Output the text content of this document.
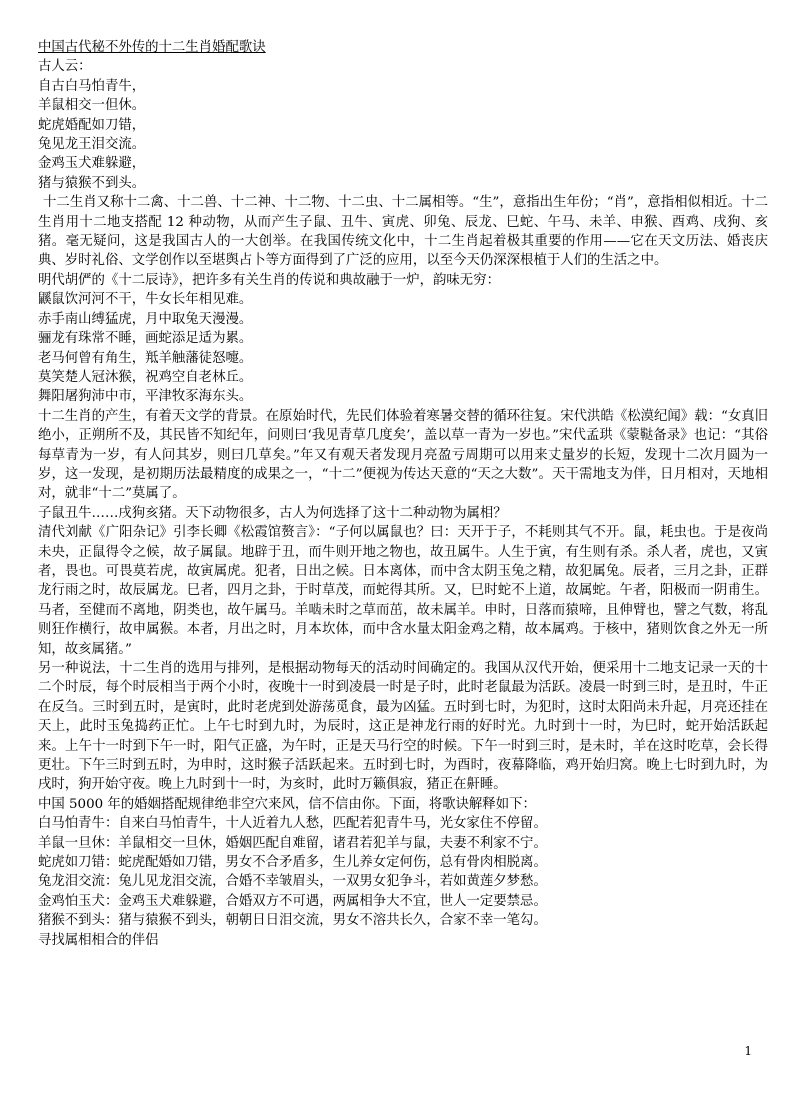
中国古代秘不外传的十二生肖婚配歌诀
古人云：
自古白马怕青牛，
羊鼠相交一但休。
蛇虎婚配如刀错，
兔见龙王泪交流。
金鸡玉犬难躲避，
猪与猿猴不到头。
十二生肖又称十二禽、十二兽、十二神、十二物、十二虫、十二属相等。“生”，意指出生年份；“肖”，意指相似相近。十二生肖用十二地支搭配 12 种动物，从而产生子鼠、丑牛、寅虎、卯兔、辰龙、巳蛇、午马、未羊、申猴、酉鸡、戌狗、亥猪。毫无疑问，这是我国古人的一大创举。在我国传统文化中，十二生肖起着极其重要的作用——它在天文历法、婚丧庆典、岁时礼俗、文学创作以至堪舆占卜等方面得到了广泛的应用，以至今天仍深深根植于人们的生活之中。
明代胡俨的《十二辰诗》，把许多有关生肖的传说和典故融于一炉，韵味无穷：
鼷鼠饮河河不干，牛女长年相见难。
赤手南山缚猛虎，月中取兔天漫漫。
骊龙有珠常不睡，画蛇添足适为累。
老马何曾有角生，羝羊触藩徒怒嚏。
莫笑楚人冠沐猴，祝鸡空自老林丘。
舞阳屠狗沛中市，平津牧豕海东头。
十二生肖的产生，有着天文学的背景。在原始时代，先民们体验着寒暑交替的循环往复。宋代洪皓《松漠纪闻》载：“女真旧绝小，正朔所不及，其民皆不知纪年，问则曰‘我见青草几度矣’，盖以草一青为一岁也。”宋代孟珙《蒙鞑备录》也记：“其俗每草青为一岁，有人问其岁，则曰几草矣。”年又有观天者发现月亮盈亏周期可以用来丈量岁的长短，发现十二次月圆为一岁，这一发现，是初期历法最精度的成果之一，“十二”便视为传达天意的“天之大数”。天干需地支为伴，日月相对，天地相对，就非“十二”莫属了。
子鼠丑牛……戌狗亥猪。天下动物很多，古人为何选择了这十二种动物为属相？
清代刘献《广阳杂记》引李长卿《松霞馆赘言》：“子何以属鼠也？曰：天开于子，不耗则其气不开。鼠，耗虫也。于是夜尚未央，正鼠得令之候，故子属鼠。地辟于丑，而牛则开地之物也，故丑属牛。人生于寅，有生则有杀。杀人者，虎也，又寅者，畏也。可畏莫若虎，故寅属虎。犯者，日出之候。日本离体，而中含太阴玉兔之精，故犯属兔。辰者，三月之卦，正群龙行雨之时，故辰属龙。巳者，四月之卦，于时草茂，而蛇得其所。又，巳时蛇不上道，故属蛇。午者，阳极而一阴甫生。马者，至健而不离地，阴类也，故午属马。羊啮未时之草而茁，故未属羊。申时，日落而猿啼，且伸臂也，譬之气数，将乱则狂作横行，故申属猴。本者，月出之时，月本坎体，而中含水量太阳金鸡之精，故本属鸡。于核中，猪则饮食之外无一所知，故亥属猪。”
另一种说法，十二生肖的选用与排列，是根据动物每天的活动时间确定的。我国从汉代开始，便采用十二地支记录一天的十二个时辰，每个时辰相当于两个小时，夜晚十一时到凌晨一时是子时，此时老鼠最为活跃。凌晨一时到三时，是丑时，牛正在反刍。三时到五时，是寅时，此时老虎到处游荡觅食，最为凶猛。五时到七时，为犯时，这时太阳尚未升起，月亮还挂在天上，此时玉兔捣药正忙。上午七时到九时，为辰时，这正是神龙行雨的好时光。九时到十一时，为巳时，蛇开始活跃起来。上午十一时到下午一时，阳气正盛，为午时，正是天马行空的时候。下午一时到三时，是未时，羊在这时吃草，会长得更壮。下午三时到五时，为申时，这时猴子活跃起来。五时到七时，为酉时，夜幕降临，鸡开始归窝。晚上七时到九时，为戌时，狗开始守夜。晚上九时到十一时，为亥时，此时万籁俱寂，猪正在鼾睡。
中国 5000 年的婚姻搭配规律绝非空穴来风，信不信由你。下面，将歌诀解释如下：
白马怕青牛：自来白马怕青牛，十人近着九人愁，匹配若犯青牛马，光女家住不停留。
羊鼠一旦休：羊鼠相交一旦休，婚姻匹配自难留，诸君若犯羊与鼠，夫妻不利家不宁。
蛇虎如刀错：蛇虎配婚如刀错，男女不合矛盾多，生儿养女定何伤，总有骨肉相脱离。
兔龙泪交流：兔儿见龙泪交流，合婚不幸皱眉头，一双男女犯争斗，若如黄莲夕梦愁。
金鸡怕玉犬：金鸡玉犬难躲避，合婚双方不可遇，两属相争大不宜，世人一定要禁忌。
猪猴不到头：猪与猿猴不到头，朝朝日日泪交流，男女不溶共长久，合家不幸一笔勾。
寻找属相相合的伴侣
1
